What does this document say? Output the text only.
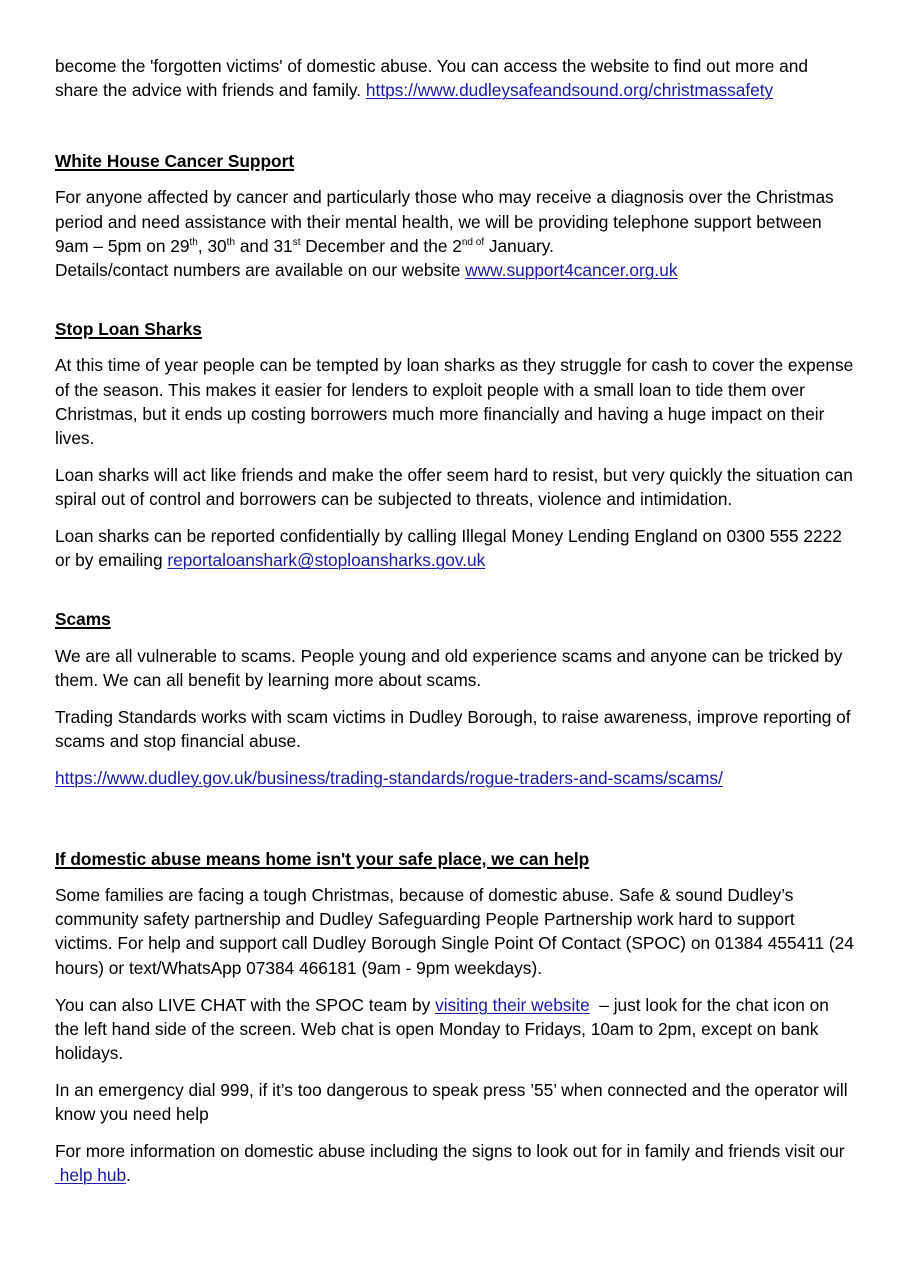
become the 'forgotten victims' of domestic abuse. You can access the website to find out more and
share the advice with friends and family. https://www.dudleysafeandsound.org/christmassafety

White House Cancer Support

For anyone affected by cancer and particularly those who may receive a diagnosis over the Christmas period and need assistance with their mental health, we will be providing telephone support between 9am – 5pm on 29th, 30th and 31st December and the $2^{nd of}$ January.
Details/contact numbers are available on our website www.support4cancer.org.uk

Stop Loan Sharks

At this time of year people can be tempted by loan sharks as they struggle for cash to cover the expense of the season. This makes it easier for lenders to exploit people with a small loan to tide them over Christmas, but it ends up costing borrowers much more financially and having a huge impact on their lives.

Loan sharks will act like friends and make the offer seem hard to resist, but very quickly the situation can spiral out of control and borrowers can be subjected to threats, violence and intimidation.

Loan sharks can be reported confidentially by calling Illegal Money Lending England on 0300 555 2222 or by emailing reportaloanshark@stoploansharks.gov.uk

Scams

We are all vulnerable to scams. People young and old experience scams and anyone can be tricked by them. We can all benefit by learning more about scams.

Trading Standards works with scam victims in Dudley Borough, to raise awareness, improve reporting of scams and stop financial abuse.

https://www.dudley.gov.uk/business/trading-standards/rogue-traders-and-scams/scams/

If domestic abuse means home isn't your safe place, we can help

Some families are facing a tough Christmas, because of domestic abuse. Safe & sound Dudley’s community safety partnership and Dudley Safeguarding People Partnership work hard to support victims. For help and support call Dudley Borough Single Point Of Contact (SPOC) on 01384 455411 (24 hours) or text/WhatsApp 07384 466181 (9am - 9pm weekdays).

You can also LIVE CHAT with the SPOC team by visiting their website  – just look for the chat icon on the left hand side of the screen. Web chat is open Monday to Fridays, 10am to 2pm, except on bank holidays.

In an emergency dial 999, if it’s too dangerous to speak press ’55’ when connected and the operator will know you need help

For more information on domestic abuse including the signs to look out for in family and friends visit our help hub.
